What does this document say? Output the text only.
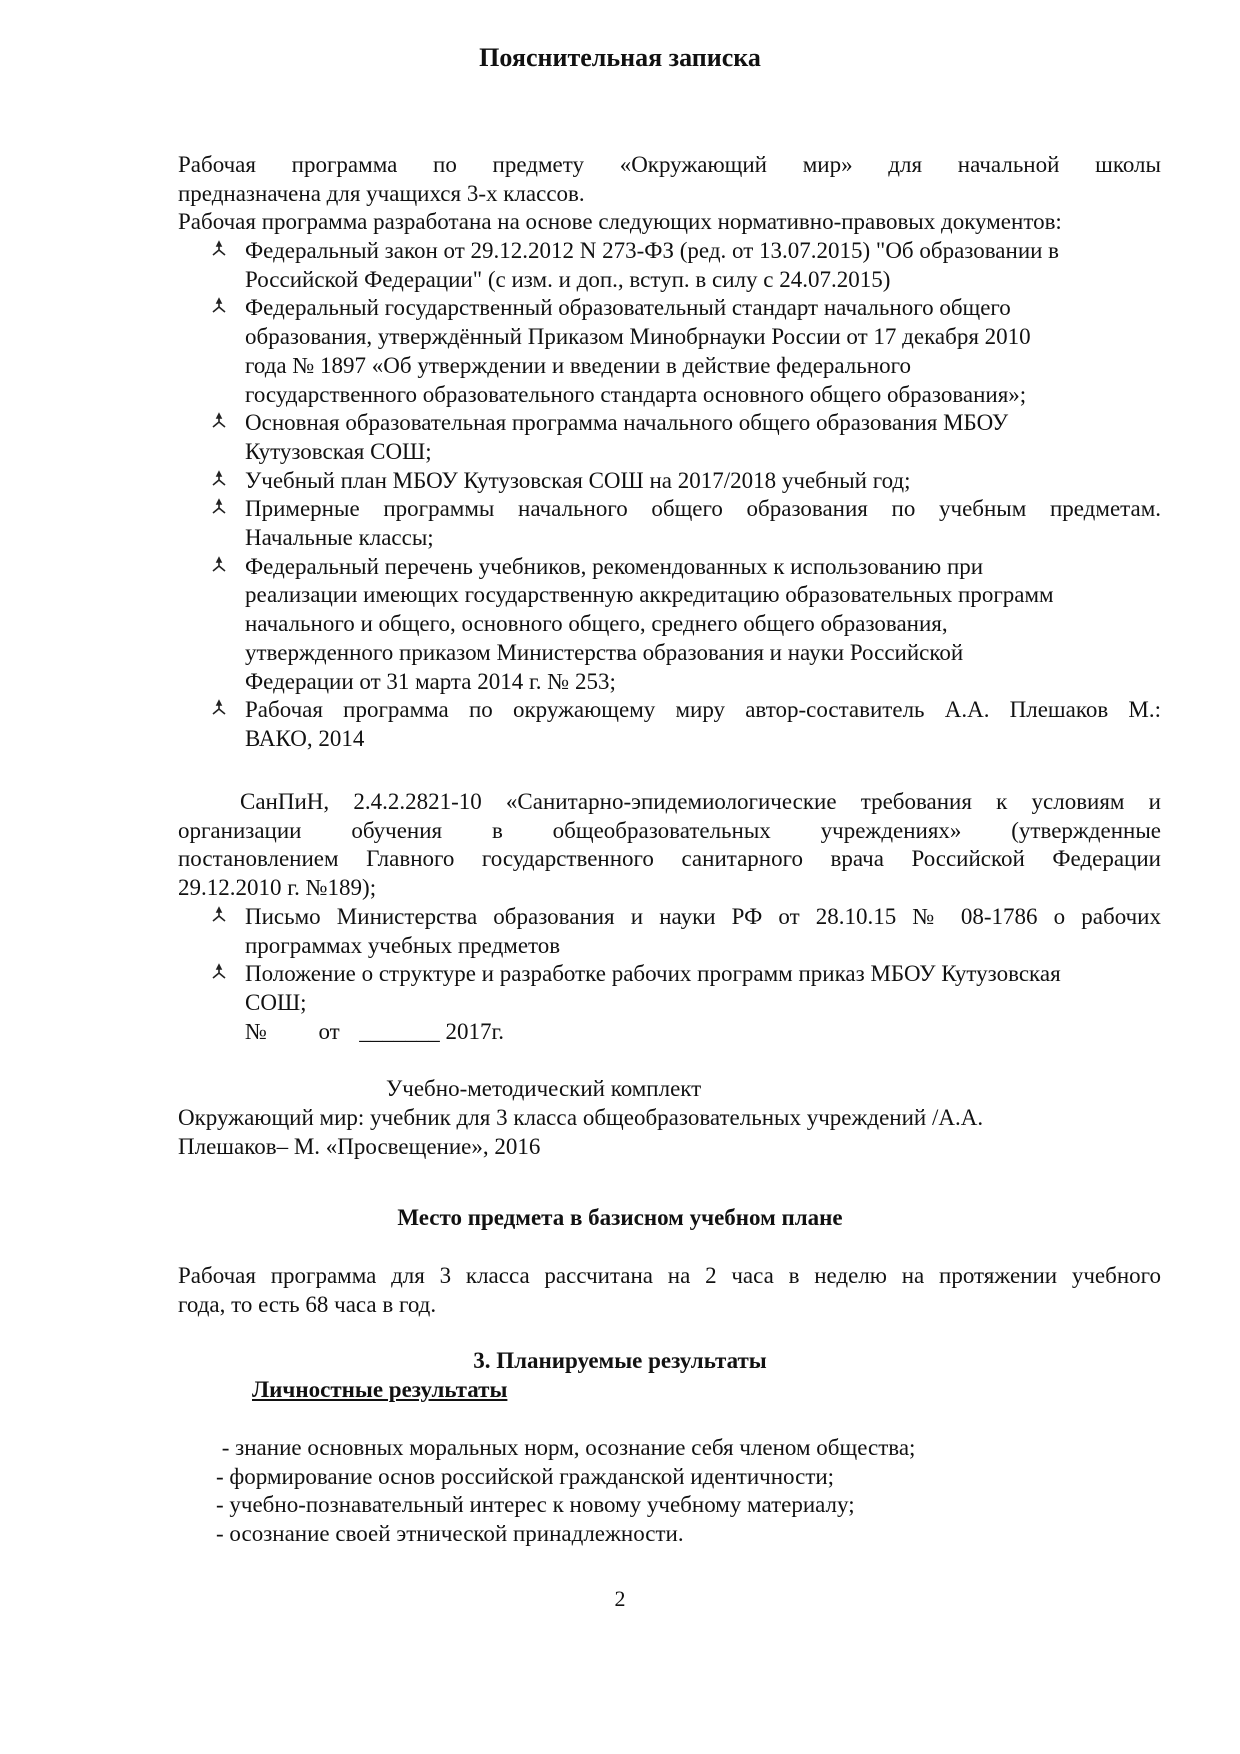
Пояснительная записка
Рабочая программа по предмету «Окружающий мир» для начальной школы
предназначена для учащихся 3-х классов.
Рабочая программа разработана на основе следующих нормативно-правовых документов:
Федеральный закон от 29.12.2012 N 273-ФЗ (ред. от 13.07.2015) "Об образовании в
Российской Федерации" (с изм. и доп., вступ. в силу с 24.07.2015)
Федеральный государственный образовательный стандарт начального общего
образования, утверждённый Приказом Минобрнауки России от 17 декабря 2010
года № 1897 «Об утверждении и введении в действие федерального
государственного образовательного стандарта основного общего образования»;
Основная образовательная программа начального общего образования МБОУ
Кутузовская СОШ;
Учебный план МБОУ Кутузовская СОШ на 2017/2018 учебный год;
Примерные программы начального общего образования по учебным предметам.
Начальные классы;
Федеральный перечень учебников, рекомендованных к использованию при
реализации имеющих государственную аккредитацию образовательных программ
начального и общего, основного общего, среднего общего образования,
утвержденного приказом Министерства образования и науки Российской
Федерации от 31 марта 2014 г. № 253;
Рабочая программа по окружающему миру автор-составитель А.А. Плешаков М.:
ВАКО, 2014
СанПиН, 2.4.2.2821-10 «Санитарно-эпидемиологические требования к условиям и
организации обучения в общеобразовательных учреждениях» (утвержденные
постановлением Главного государственного санитарного врача Российской Федерации
29.12.2010 г. №189);
Письмо Министерства образования и науки РФ от 28.10.15 № 08-1786 о рабочих
программах учебных предметов
Положение о структуре и разработке рабочих программ приказ МБОУ Кутузовская
СОШ;
№ от _______ 2017г.
Учебно-методический комплект
Окружающий мир: учебник для 3 класса общеобразовательных учреждений /А.А.
Плешаков– М. «Просвещение», 2016
Место предмета в базисном учебном плане
Рабочая программа для 3 класса рассчитана на 2 часа в неделю на протяжении учебного
года, то есть 68 часа в год.
3. Планируемые результаты
Личностные результаты
- знание основных моральных норм, осознание себя членом общества;
- формирование основ российской гражданской идентичности;
- учебно-познавательный интерес к новому учебному материалу;
- осознание своей этнической принадлежности.
2
